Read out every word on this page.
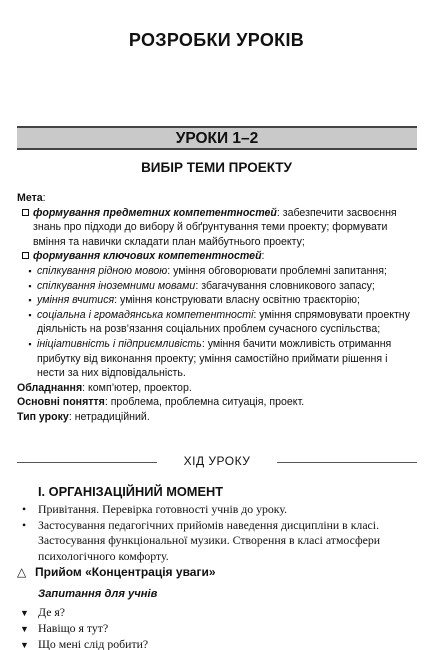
РОЗРОБКИ УРОКІВ
УРОКИ 1–2
ВИБІР ТЕМИ ПРОЕКТУ
Мета:
формування предметних компетентностей: забезпечити засвоєння знань про підходи до вибору й обґрунтування теми проекту; формувати вміння та навички складати план майбутнього проекту;
формування ключових компетентностей:
▪ спілкування рідною мовою: уміння обговорювати проблемні запитання;
▪ спілкування іноземними мовами: збагачування словникового запасу;
▪ уміння вчитися: уміння конструювати власну освітню траєкторію;
▪ соціальна і громадянська компетентності: уміння спрямовувати проектну діяльність на розв’язання соціальних проблем сучасного суспільства;
▪ ініціативність і підприємливість: уміння бачити можливість отримання прибутку від виконання проекту; уміння самостійно приймати рішення і нести за них відповідальність.
Обладнання: комп’ютер, проектор.
Основні поняття: проблема, проблемна ситуація, проект.
Тип уроку: нетрадиційний.
ХІД УРОКУ
I. ОРГАНІЗАЦІЙНИЙ МОМЕНТ
• Привітання. Перевірка готовності учнів до уроку.
• Застосування педагогічних прийомів наведення дисципліни в класі. Застосування функціональної музики. Створення в класі атмосфери психологічного комфорту.
△ Прийом «Концентрація уваги»
Запитання для учнів
▼ Де я?
▼ Навіщо я тут?
▼ Що мені слід робити?
